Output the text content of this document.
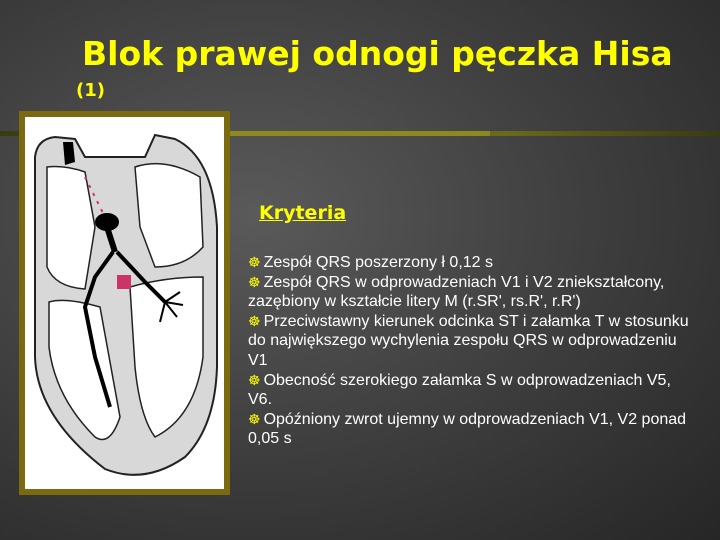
Blok prawej odnogi pęczka Hisa
(1)
Kryteria
☸ Zespół QRS poszerzony ł 0,12 s
☸ Zespół QRS w odprowadzeniach V1 i V2 zniekształcony, zazębiony w kształcie litery M (r.SR', rs.R', r.R')
☸ Przeciwstawny kierunek odcinka ST i załamka T w stosunku do największego wychylenia zespołu QRS w odprowadzeniu V1
☸ Obecność szerokiego załamka S w odprowadzeniach V5, V6.
☸ Opóźniony zwrot ujemny w odprowadzeniach V1, V2 ponad 0,05 s
